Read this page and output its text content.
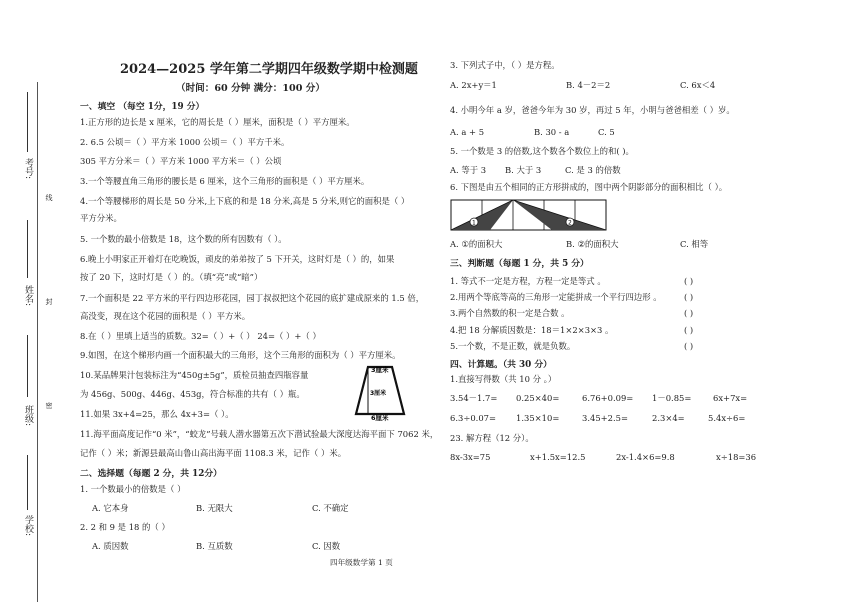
考号:
姓名:
班级:
学校:
线
封
密
2024—2025 学年第二学期四年级数学期中检测题
（时间：60 分钟 满分：100 分）
一、填空 （每空 1分，19 分）
1.正方形的边长是 x 厘米，它的周长是（ ）厘米，面积是（ ）平方厘米。
2. 6.5 公顷＝（ ）平方米 1000 公顷＝（ ）平方千米。
305 平方分米＝（ ）平方米 1000 平方米＝（ ）公顷
3.一个等腰直角三角形的腰长是 6 厘米，这个三角形的面积是（ ）平方厘米。
4.一个等腰梯形的周长是 50 分米,上下底的和是 18 分米,高是 5 分米,则它的面积是（ ）
平方分米。
5. 一个数的最小倍数是 18，这个数的所有因数有（ ）。
6.晚上小明家正开着灯在吃晚饭，顽皮的弟弟按了 5 下开关，这时灯是（ ）的，如果
按了 20 下，这时灯是（ ）的。（填“亮”或“暗”）
7.一个面积是 22 平方米的平行四边形花园，园丁叔叔把这个花园的底扩建成原来的 1.5 倍，
高没变，现在这个花园的面积是（ ）平方米。
8.在（ ）里填上适当的质数。32=（ ）+（ ） 24=（ ）+（ ）
9.如图，在这个梯形内画一个面积最大的三角形，这个三角形的面积为（ ）平方厘米。
10.某品牌果汁包装标注为“450g±5g”，质检员抽查四瓶容量
为 456g、500g、446g、453g，符合标准的共有（ ）瓶。
11.如果 3x+4=25，那么 4x+3=（ ）。
11.海平面高度记作“0 米”，“蛟龙”号载人潜水器第五次下潜试验最大深度达海平面下 7062 米，
记作（ ）米；新源县最高山鲁山高出海平面 1108.3 米，记作（ ）米。
3厘米
3厘米
6厘米
二、选择题（每题 2 分，共 12分）
1. 一个数最小的倍数是（ ）
A. 它本身	B. 无限大	C. 不确定
2. 2 和 9 是 18 的（ ）
A. 质因数	B. 互质数	C. 因数
3. 下列式子中，（ ）是方程。
A. 2x+y＝1	B. 4－2＝2	C. 6x＜4
4. 小明今年 a 岁，爸爸今年为 30 岁，再过 5 年，小明与爸爸相差（ ）岁。
A. a + 5	B. 30 - a	C. 5
5. 一个数是 3 的倍数,这个数各个数位上的和( )。
A. 等于 3 B. 大于 3	C. 是 3 的倍数
6. 下图是由五个相同的正方形拼成的，图中两个阴影部分的面积相比（ ）。
1	2
A. ①的面积大	B. ②的面积大	C. 相等
三、判断题（每题 1 分，共 5 分）
1. 等式不一定是方程，方程一定是等式 。	( )
2.用两个等底等高的三角形一定能拼成一个平行四边形 。	( )
3.两个自然数的积一定是合数 。	( )
4.把 18 分解质因数是：18＝1×2×3×3 。	( )
5.一个数，不是正数，就是负数。	( )
四、计算题。（共 30 分）
1.直接写得数（共 10 分 。）
3.54－1.7= 0.25×40=	6.76+0.09= 1－0.85=	6x+7x=
6.3÷0.07= 1.35×10=	3.45+2.5=	2.3×4=	5.4x÷6=
23. 解方程（12 分）。
8x-3x=75	x+1.5x=12.5	2x-1.4×6=9.8	x÷18=36
四年级数学第 1 页
